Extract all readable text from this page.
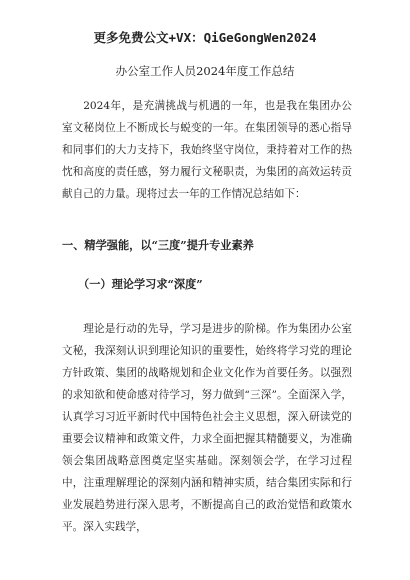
更多免费公文+VX：QiGeGongWen2024
办公室工作人员2024年度工作总结
2024年，是充满挑战与机遇的一年，也是我在集团办公室文秘岗位上不断成长与蜕变的一年。在集团领导的悉心指导和同事们的大力支持下，我始终坚守岗位，秉持着对工作的热忱和高度的责任感，努力履行文秘职责，为集团的高效运转贡献自己的力量。现将过去一年的工作情况总结如下：
一、精学强能，以“三度”提升专业素养
（一）理论学习求“深度”
理论是行动的先导，学习是进步的阶梯。作为集团办公室文秘，我深刻认识到理论知识的重要性，始终将学习党的理论方针政策、集团的战略规划和企业文化作为首要任务。以强烈的求知欲和使命感对待学习，努力做到“三深”。全面深入学，认真学习习近平新时代中国特色社会主义思想，深入研读党的重要会议精神和政策文件，力求全面把握其精髓要义，为准确领会集团战略意图奠定坚实基础。深刻领会学，在学习过程中，注重理解理论的深刻内涵和精神实质，结合集团实际和行业发展趋势进行深入思考，不断提高自己的政治觉悟和政策水平。深入实践学，
